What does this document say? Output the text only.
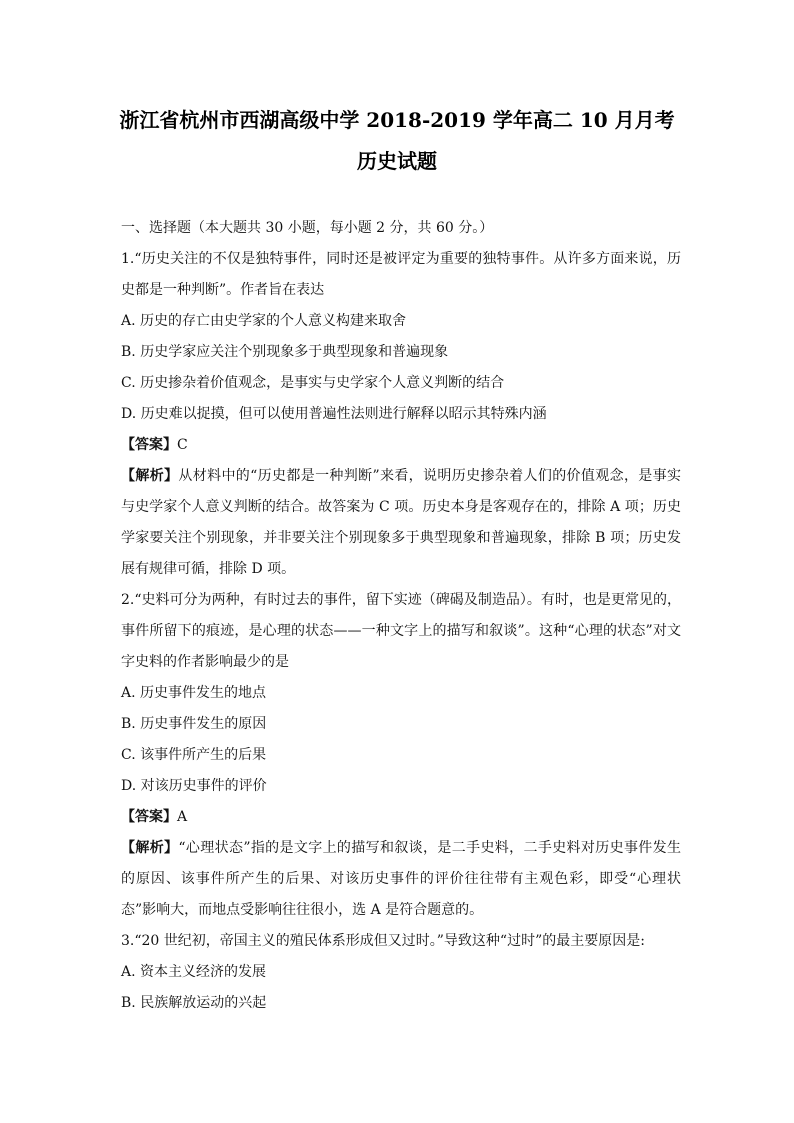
浙江省杭州市西湖高级中学 2018-2019 学年高二 10 月月考
历史试题
一、选择题（本大题共 30 小题，每小题 2 分，共 60 分。）
1.“历史关注的不仅是独特事件，同时还是被评定为重要的独特事件。从许多方面来说，历史都是一种判断”。作者旨在表达
A. 历史的存亡由史学家的个人意义构建来取舍
B. 历史学家应关注个别现象多于典型现象和普遍现象
C. 历史掺杂着价值观念，是事实与史学家个人意义判断的结合
D. 历史难以捉摸，但可以使用普遍性法则进行解释以昭示其特殊内涵
【答案】C
【解析】从材料中的“历史都是一种判断”来看，说明历史掺杂着人们的价值观念，是事实与史学家个人意义判断的结合。故答案为 C 项。历史本身是客观存在的，排除 A 项；历史学家要关注个别现象，并非要关注个别现象多于典型现象和普遍现象，排除 B 项；历史发展有规律可循，排除 D 项。
2.“史料可分为两种，有时过去的事件，留下实迹（碑碣及制造品）。有时，也是更常见的，事件所留下的痕迹，是心理的状态——一种文字上的描写和叙谈”。这种“心理的状态”对文字史料的作者影响最少的是
A. 历史事件发生的地点
B. 历史事件发生的原因
C. 该事件所产生的后果
D. 对该历史事件的评价
【答案】A
【解析】“心理状态”指的是文字上的描写和叙谈，是二手史料，二手史料对历史事件发生的原因、该事件所产生的后果、对该历史事件的评价往往带有主观色彩，即受“心理状态”影响大，而地点受影响往往很小，选 A 是符合题意的。
3.“20 世纪初，帝国主义的殖民体系形成但又过时。”导致这种“过时”的最主要原因是:
A. 资本主义经济的发展
B. 民族解放运动的兴起
